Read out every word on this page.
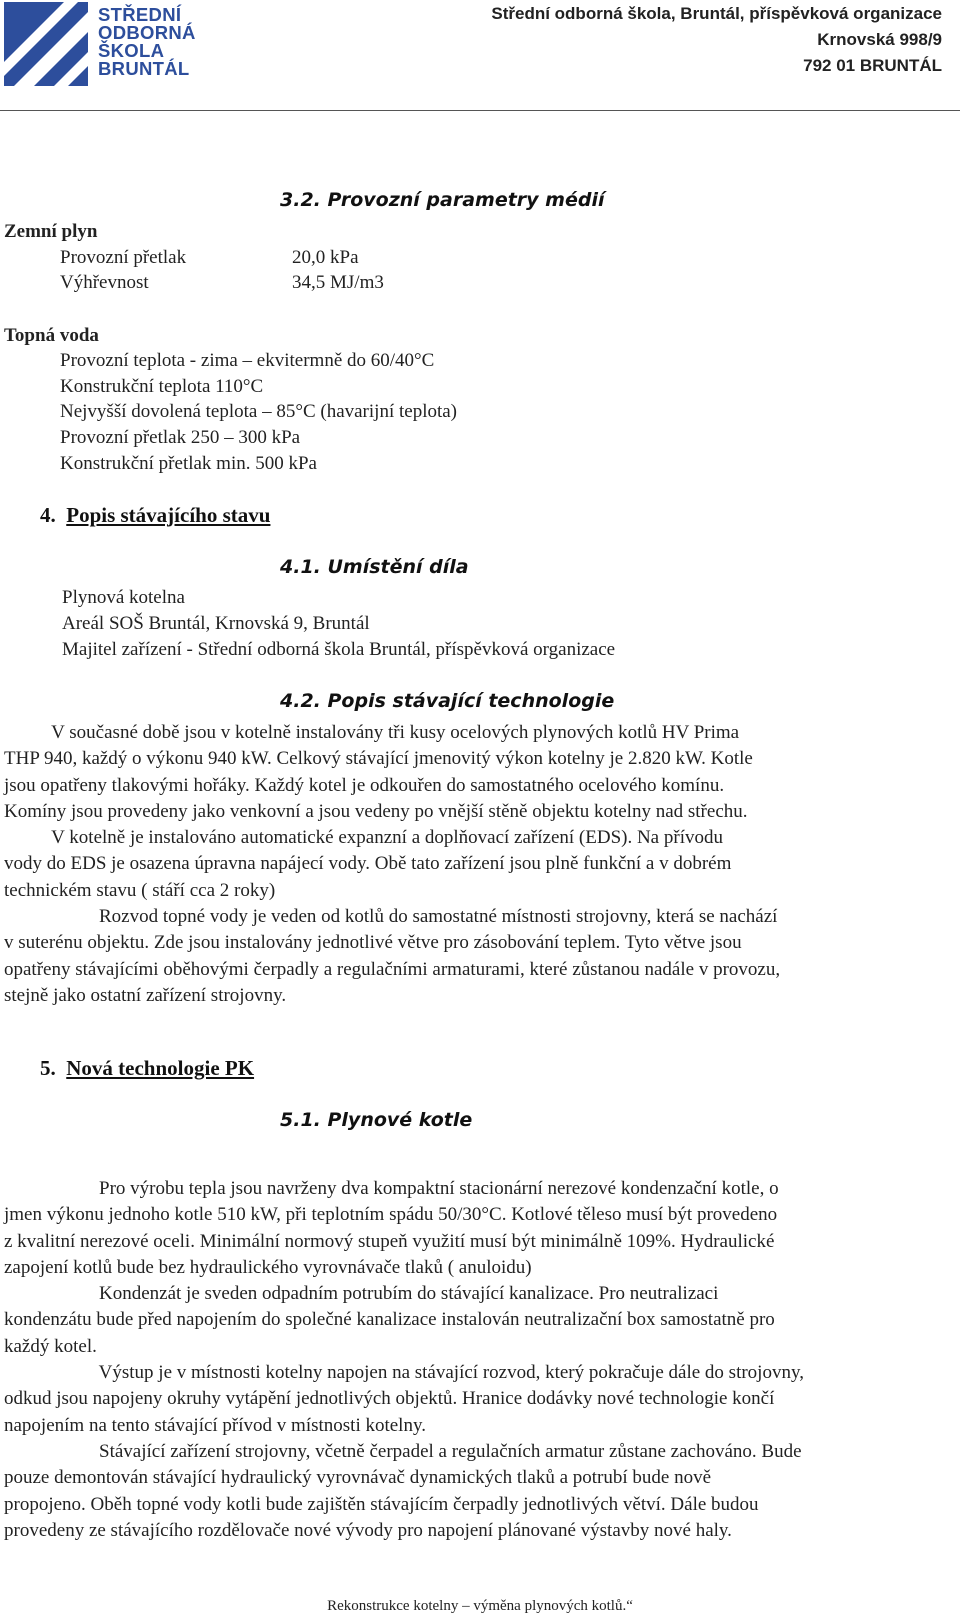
STŘEDNÍ
ODBORNÁ
ŠKOLA
BRUNTÁL
Střední odborná škola, Bruntál, příspěvková organizace
Krnovská 998/9
792 01 BRUNTÁL
3.2. Provozní parametry médií
Zemní plyn
Provozní přetlak	20,0 kPa
Výhřevnost	34,5 MJ/m3
Topná voda
Provozní teplota - zima – ekvitermně do 60/40°C
Konstrukční teplota 110°C
Nejvyšší dovolená teplota – 85°C (havarijní teplota)
Provozní přetlak 250 – 300 kPa
Konstrukční přetlak min. 500 kPa
4. Popis stávajícího stavu
4.1. Umístění díla
Plynová kotelna
Areál SOŠ Bruntál, Krnovská 9, Bruntál
Majitel zařízení - Střední odborná škola Bruntál, příspěvková organizace
4.2. Popis stávající technologie
V současné době jsou v kotelně instalovány tři kusy ocelových plynových kotlů HV Prima
THP 940, každý o výkonu 940 kW. Celkový stávající jmenovitý výkon kotelny je 2.820 kW. Kotle
jsou opatřeny tlakovými hořáky. Každý kotel je odkouřen do samostatného ocelového komínu.
Komíny jsou provedeny jako venkovní a jsou vedeny po vnější stěně objektu kotelny nad střechu.
V kotelně je instalováno automatické expanzní a doplňovací zařízení (EDS). Na přívodu
vody do EDS je osazena úpravna napájecí vody. Obě tato zařízení jsou plně funkční a v dobrém
technickém stavu ( stáří cca 2 roky)
Rozvod topné vody je veden od kotlů do samostatné místnosti strojovny, která se nachází
v suterénu objektu. Zde jsou instalovány jednotlivé větve pro zásobování teplem. Tyto větve jsou
opatřeny stávajícími oběhovými čerpadly a regulačními armaturami, které zůstanou nadále v provozu,
stejně jako ostatní zařízení strojovny.
5. Nová technologie PK
5.1. Plynové kotle
Pro výrobu tepla jsou navrženy dva kompaktní stacionární nerezové kondenzační kotle, o
jmen výkonu jednoho kotle 510 kW, při teplotním spádu 50/30°C. Kotlové těleso musí být provedeno
z kvalitní nerezové oceli. Minimální normový stupeň využití musí být minimálně 109%. Hydraulické
zapojení kotlů bude bez hydraulického vyrovnávače tlaků ( anuloidu)
Kondenzát je sveden odpadním potrubím do stávající kanalizace. Pro neutralizaci
kondenzátu bude před napojením do společné kanalizace instalován neutralizační box samostatně pro
každý kotel.
Výstup je v místnosti kotelny napojen na stávající rozvod, který pokračuje dále do strojovny,
odkud jsou napojeny okruhy vytápění jednotlivých objektů. Hranice dodávky nové technologie končí
napojením na tento stávající přívod v místnosti kotelny.
Stávající zařízení strojovny, včetně čerpadel a regulačních armatur zůstane zachováno. Bude
pouze demontován stávající hydraulický vyrovnávač dynamických tlaků a potrubí bude nově
propojeno. Oběh topné vody kotli bude zajištěn stávajícím čerpadly jednotlivých větví. Dále budou
provedeny ze stávajícího rozdělovače nové vývody pro napojení plánované výstavby nové haly.
Rekonstrukce kotelny – výměna plynových kotlů.“
